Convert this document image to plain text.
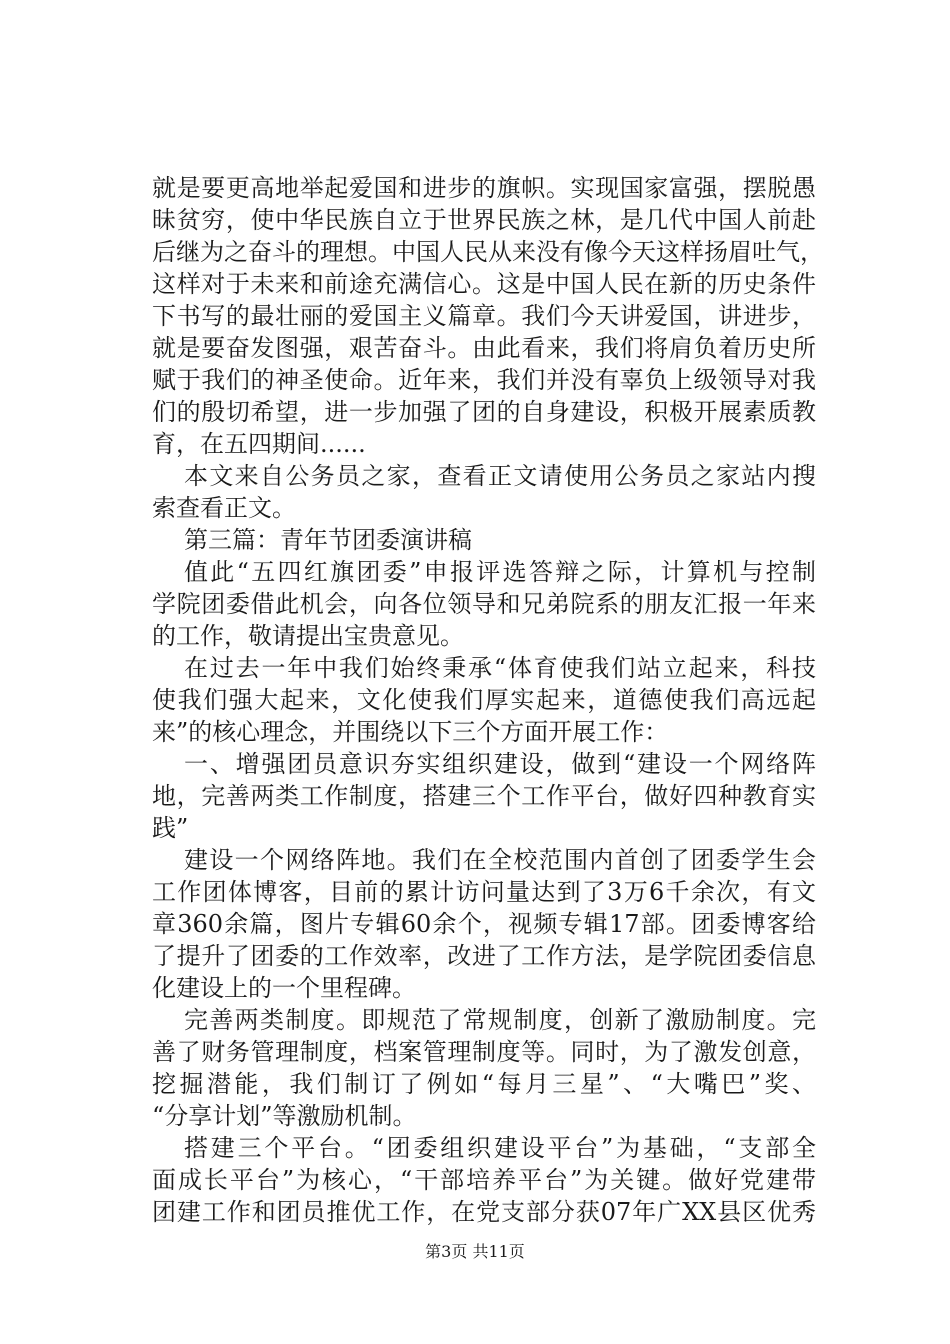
就是要更高地举起爱国和进步的旗帜。实现国家富强，摆脱愚
昧贫穷，使中华民族自立于世界民族之林，是几代中国人前赴
后继为之奋斗的理想。中国人民从来没有像今天这样扬眉吐气，
这样对于未来和前途充满信心。这是中国人民在新的历史条件
下书写的最壮丽的爱国主义篇章。我们今天讲爱国，讲进步，
就是要奋发图强，艰苦奋斗。由此看来，我们将肩负着历史所
赋于我们的神圣使命。近年来，我们并没有辜负上级领导对我
们的殷切希望，进一步加强了团的自身建设，积极开展素质教
育，在五四期间......
本文来自公务员之家，查看正文请使用公务员之家站内搜
索查看正文。
第三篇：青年节团委演讲稿
值此“五四红旗团委”申报评选答辩之际，计算机与控制
学院团委借此机会，向各位领导和兄弟院系的朋友汇报一年来
的工作，敬请提出宝贵意见。
在过去一年中我们始终秉承“体育使我们站立起来，科技
使我们强大起来，文化使我们厚实起来，道德使我们高远起
来”的核心理念，并围绕以下三个方面开展工作：
一、增强团员意识夯实组织建设，做到“建设一个网络阵
地，完善两类工作制度，搭建三个工作平台，做好四种教育实
践”
建设一个网络阵地。我们在全校范围内首创了团委学生会
工作团体博客，目前的累计访问量达到了3万6千余次，有文
章360余篇，图片专辑60余个，视频专辑17部。团委博客给
了提升了团委的工作效率，改进了工作方法，是学院团委信息
化建设上的一个里程碑。
完善两类制度。即规范了常规制度，创新了激励制度。完
善了财务管理制度，档案管理制度等。同时，为了激发创意，
挖掘潜能，我们制订了例如“每月三星”、“大嘴巴”奖、
“分享计划”等激励机制。
搭建三个平台。“团委组织建设平台”为基础，“支部全
面成长平台”为核心，“干部培养平台”为关键。做好党建带
团建工作和团员推优工作，在党支部分获07年广XX县区优秀
第3页 共11页
